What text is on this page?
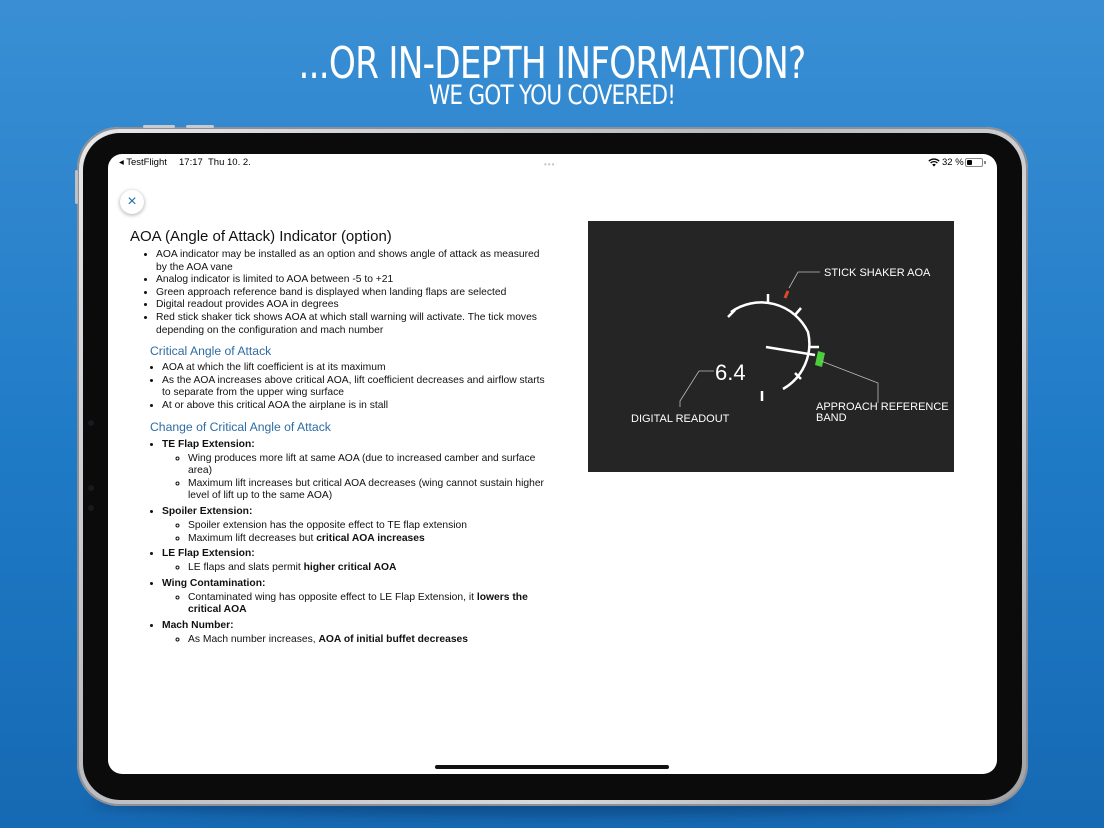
...OR IN-DEPTH INFORMATION?
WE GOT YOU COVERED!
◂ TestFlight 17:17 Thu 10. 2.	•••	32 %
×
AOA (Angle of Attack) Indicator (option)
• AOA indicator may be installed as an option and shows angle of attack as measured by the AOA vane
• Analog indicator is limited to AOA between -5 to +21
• Green approach reference band is displayed when landing flaps are selected
• Digital readout provides AOA in degrees
• Red stick shaker tick shows AOA at which stall warning will activate. The tick moves depending on the configuration and mach number
Critical Angle of Attack
• AOA at which the lift coefficient is at its maximum
• As the AOA increases above critical AOA, lift coefficient decreases and airflow starts to separate from the upper wing surface
• At or above this critical AOA the airplane is in stall
Change of Critical Angle of Attack
• TE Flap Extension:
◦ Wing produces more lift at same AOA (due to increased camber and surface area)
◦ Maximum lift increases but critical AOA decreases (wing cannot sustain higher level of lift up to the same AOA)
• Spoiler Extension:
◦ Spoiler extension has the opposite effect to TE flap extension
◦ Maximum lift decreases but critical AOA increases
• LE Flap Extension:
◦ LE flaps and slats permit higher critical AOA
• Wing Contamination:
◦ Contaminated wing has opposite effect to LE Flap Extension, it lowers the critical AOA
• Mach Number:
◦ As Mach number increases, AOA of initial buffet decreases
6.4
STICK SHAKER AOA
DIGITAL READOUT
APPROACH REFERENCE
BAND
